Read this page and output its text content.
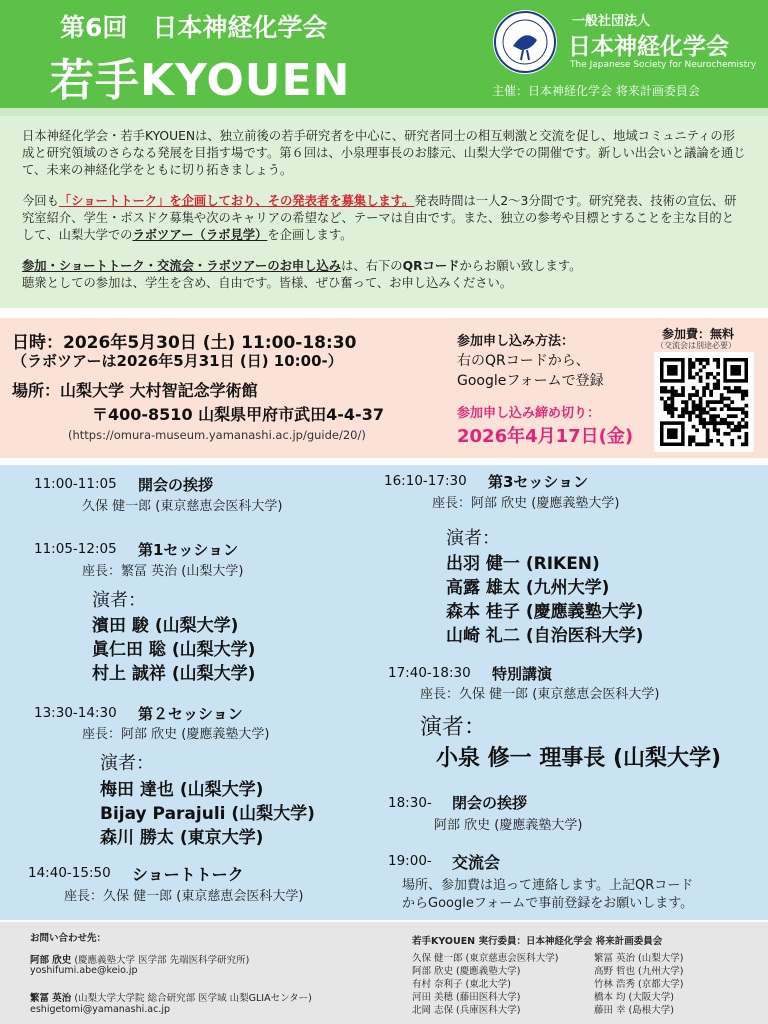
第6回　日本神経化学会
若手KYOUEN
一般社団法人
日本神経化学会
The Japanese Society for Neurochemistry
主催：日本神経化学会 将来計画委員会

日本神経化学会・若手KYOUENは、独立前後の若手研究者を中心に、研究者同士の相互刺激と交流を促し、地域コミュニティの形成と研究領域のさらなる発展を目指す場です。第６回は、小泉理事長のお膝元、山梨大学での開催です。新しい出会いと議論を通じて、未来の神経化学をともに切り拓きましょう。

今回も「ショートトーク」を企画しており、その発表者を募集します。発表時間は一人2〜3分間です。研究発表、技術の宣伝、研究室紹介、学生・ポスドク募集や次のキャリアの希望など、テーマは自由です。また、独立の参考や目標とすることを主な目的として、山梨大学でのラボツアー（ラボ見学）を企画します。

参加・ショートトーク・交流会・ラボツアーのお申し込みは、右下のQRコードからお願い致します。
聴衆としての参加は、学生を含め、自由です。皆様、ぜひ奮って、お申し込みください。

日時：2026年5月30日 (土) 11:00-18:30
（ラボツアーは2026年5月31日 (日) 10:00-）
場所：山梨大学 大村智記念学術館
〒400-8510 山梨県甲府市武田4-4-37
(https://omura-museum.yamanashi.ac.jp/guide/20/)
参加申し込み方法：
右のQRコードから、
Googleフォームで登録
参加申し込み締め切り：
2026年4月17日(金)
参加費：無料
（交流会は別途必要）
11:00-11:05 開会の挨拶
久保 健一郎 (東京慈恵会医科大学)
11:05-12:05 第1セッション
座長：繁冨 英治 (山梨大学)
演者：
濱田 駿 (山梨大学)
眞仁田 聡 (山梨大学)
村上 誠祥 (山梨大学)
13:30-14:30 第２セッション
座長：阿部 欣史 (慶應義塾大学)
演者：
梅田 達也 (山梨大学)
Bijay Parajuli (山梨大学)
森川 勝太 (東京大学)
14:40-15:50 ショートトーク
座長：久保 健一郎 (東京慈恵会医科大学)
16:10-17:30 第3セッション
座長：阿部 欣史 (慶應義塾大学)
演者：
出羽 健一 (RIKEN)
高露 雄太 (九州大学)
森本 桂子 (慶應義塾大学)
山崎 礼二 (自治医科大学)
17:40-18:30 特別講演
座長：久保 健一郎 (東京慈恵会医科大学)
演者：
小泉 修一 理事長 (山梨大学)
18:30- 閉会の挨拶
阿部 欣史 (慶應義塾大学)
19:00- 交流会
場所、参加費は追って連絡します。上記QRコード
からGoogleフォームで事前登録をお願いします。
お問い合わせ先：
阿部 欣史 (慶應義塾大学 医学部 先端医科学研究所)
yoshifumi.abe@keio.jp
繁冨 英治 (山梨大学大学院 総合研究部 医学域 山梨GLIAセンター)
eshigetomi@yamanashi.ac.jp
若手KYOUEN 実行委員：日本神経化学会 将来計画委員会
久保 健一郎 (東京慈恵会医科大学)
阿部 欣史 (慶應義塾大学)
有村 奈利子 (東北大学)
河田 美穂 (藤田医科大学)
北岡 志保 (兵庫医科大学)
繁冨 英治 (山梨大学)
高野 哲也 (九州大学)
竹林 浩秀 (京都大学)
橋本 均 (大阪大学)
藤田 幸 (島根大学)
